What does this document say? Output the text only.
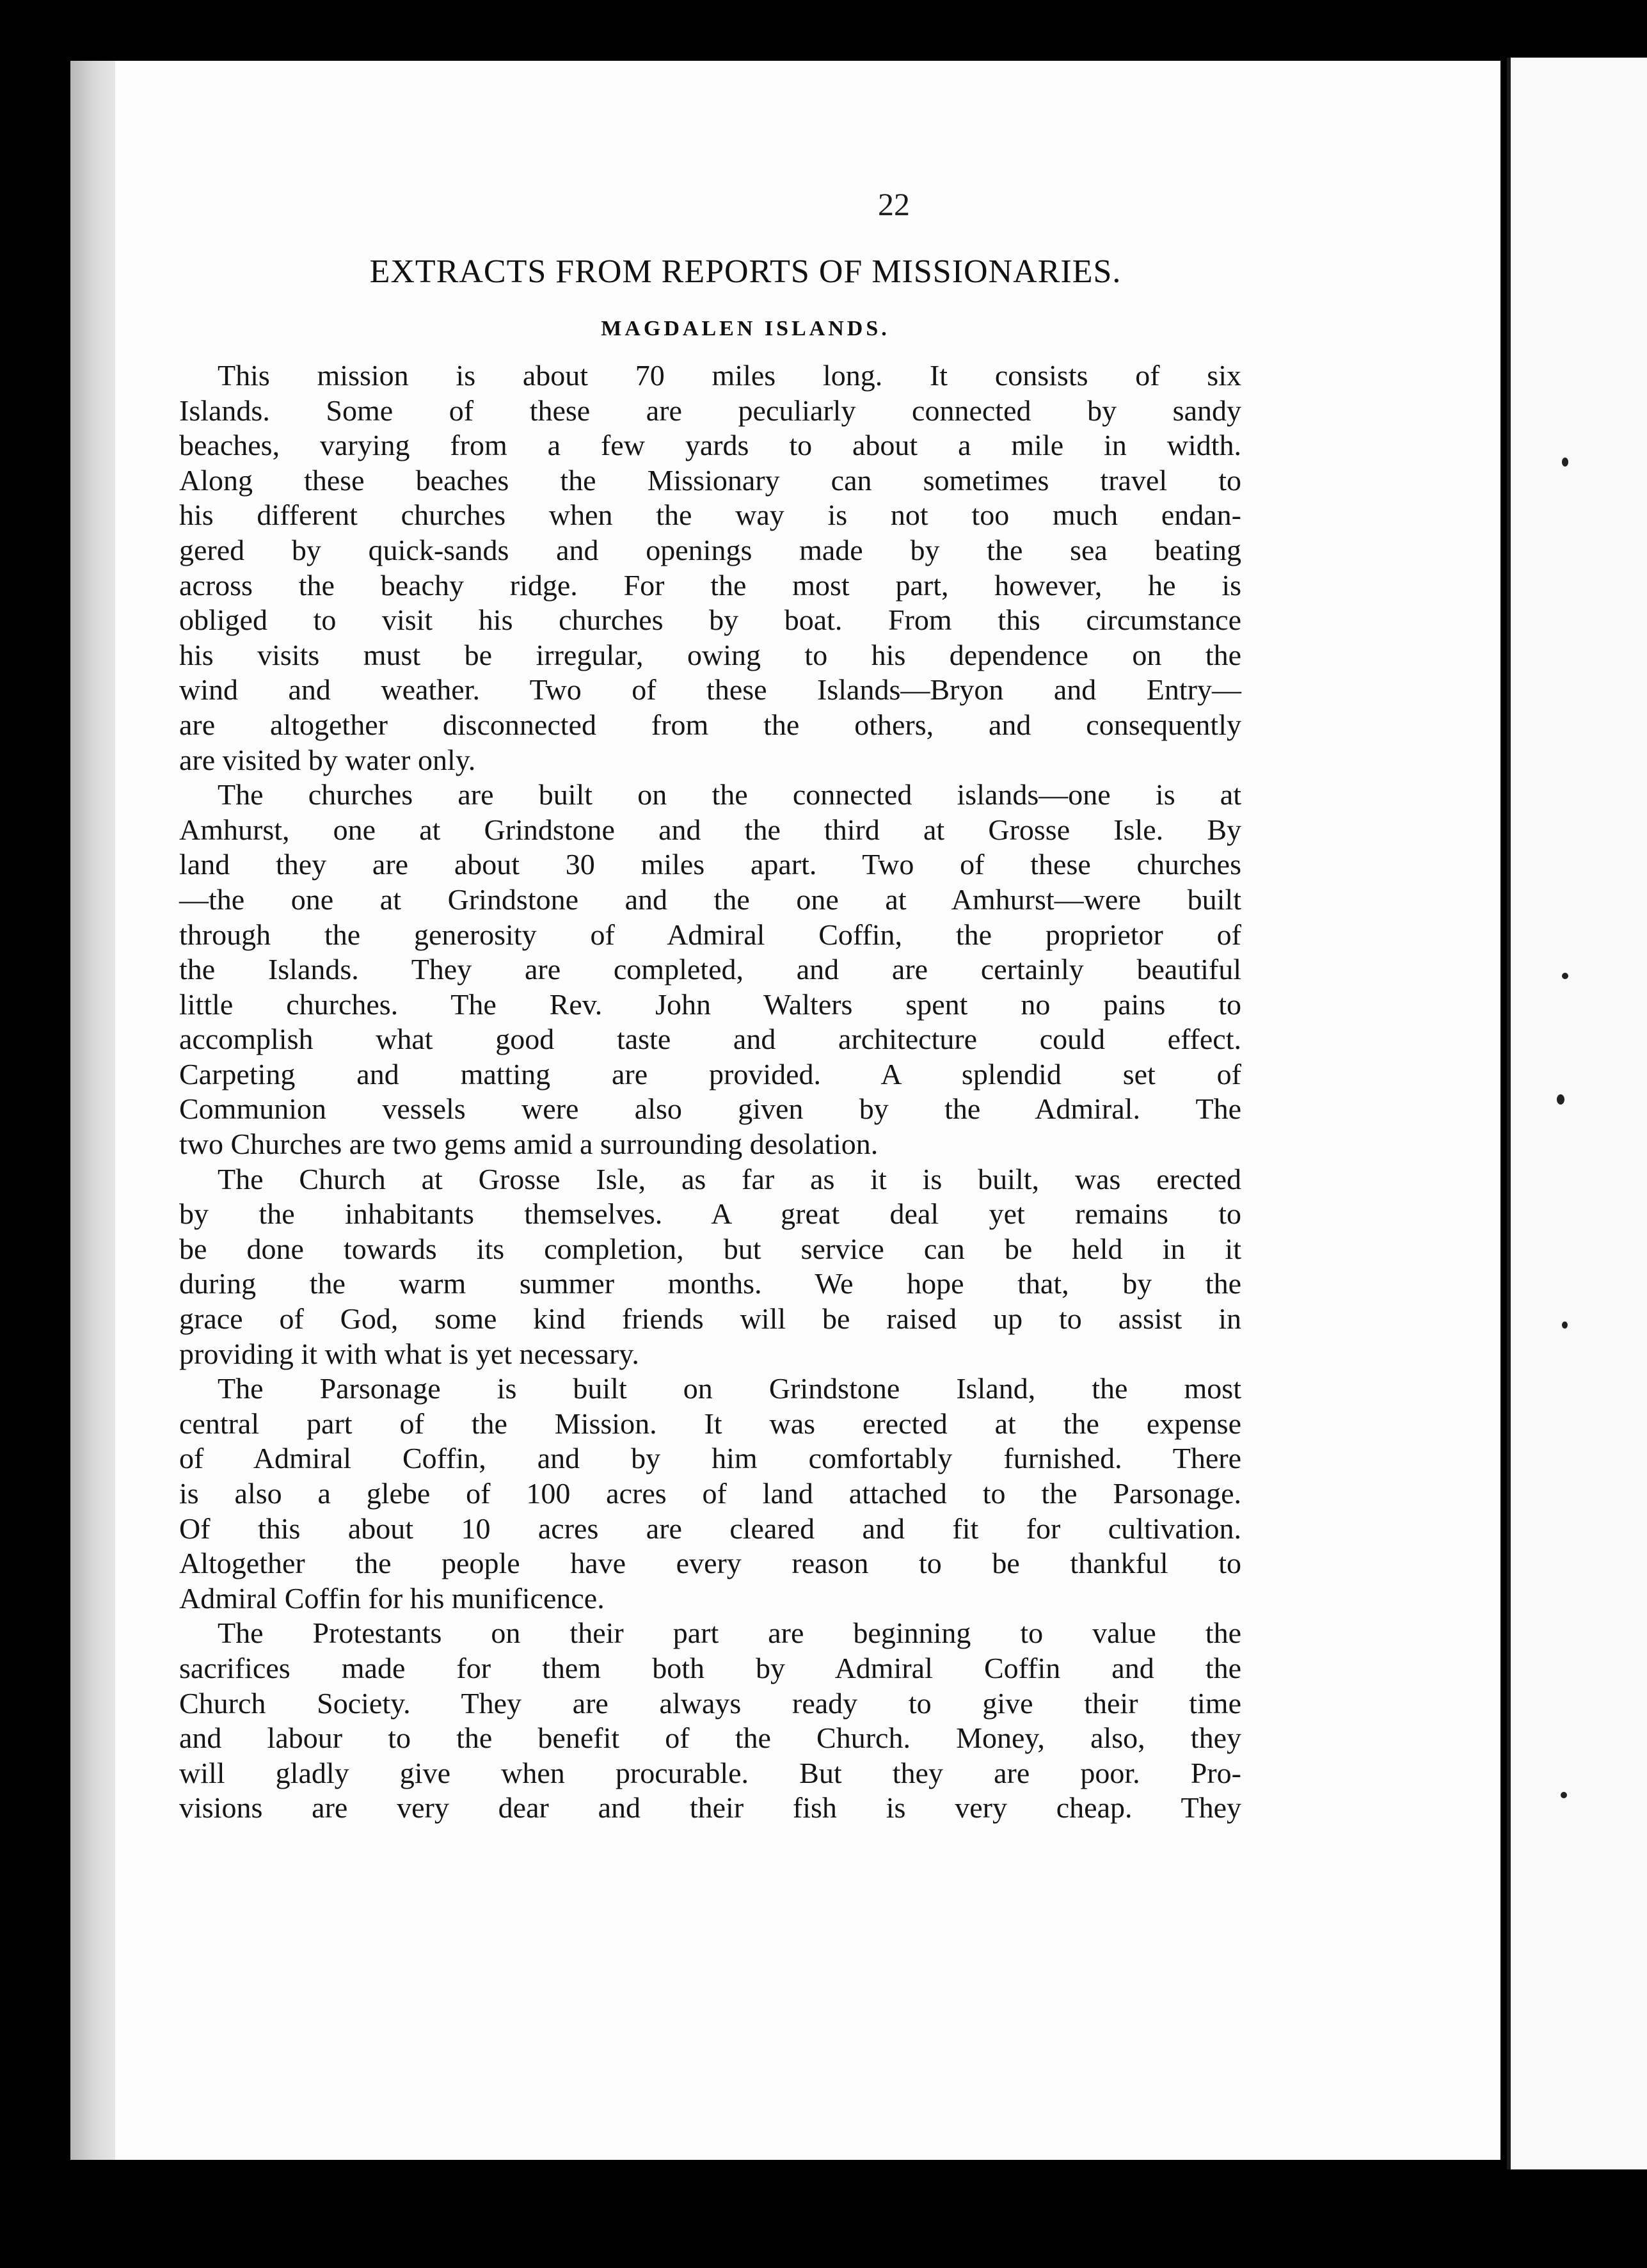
22
EXTRACTS FROM REPORTS OF MISSIONARIES.
MAGDALEN ISLANDS.
This mission is about 70 miles long. It consists of six
Islands. Some of these are peculiarly connected by sandy
beaches, varying from a few yards to about a mile in width.
Along these beaches the Missionary can sometimes travel to
his different churches when the way is not too much endan-
gered by quick-sands and openings made by the sea beating
across the beachy ridge. For the most part, however, he is
obliged to visit his churches by boat. From this circumstance
his visits must be irregular, owing to his dependence on the
wind and weather. Two of these Islands—Bryon and Entry—
are altogether disconnected from the others, and consequently
are visited by water only.
The churches are built on the connected islands—one is at
Amhurst, one at Grindstone and the third at Grosse Isle. By
land they are about 30 miles apart. Two of these churches
—the one at Grindstone and the one at Amhurst—were built
through the generosity of Admiral Coffin, the proprietor of
the Islands. They are completed, and are certainly beautiful
little churches. The Rev. John Walters spent no pains to
accomplish what good taste and architecture could effect.
Carpeting and matting are provided. A splendid set of
Communion vessels were also given by the Admiral. The
two Churches are two gems amid a surrounding desolation.
The Church at Grosse Isle, as far as it is built, was erected
by the inhabitants themselves. A great deal yet remains to
be done towards its completion, but service can be held in it
during the warm summer months. We hope that, by the
grace of God, some kind friends will be raised up to assist in
providing it with what is yet necessary.
The Parsonage is built on Grindstone Island, the most
central part of the Mission. It was erected at the expense
of Admiral Coffin, and by him comfortably furnished. There
is also a glebe of 100 acres of land attached to the Parsonage.
Of this about 10 acres are cleared and fit for cultivation.
Altogether the people have every reason to be thankful to
Admiral Coffin for his munificence.
The Protestants on their part are beginning to value the
sacrifices made for them both by Admiral Coffin and the
Church Society. They are always ready to give their time
and labour to the benefit of the Church. Money, also, they
will gladly give when procurable. But they are poor. Pro-
visions are very dear and their fish is very cheap. They
